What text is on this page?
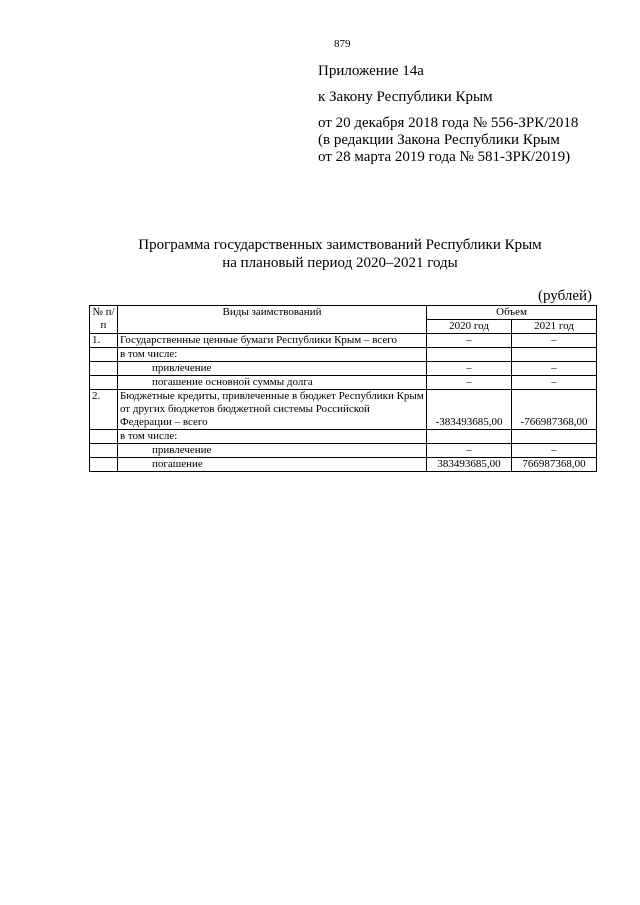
879
Приложение 14а
к Закону Республики Крым
от 20 декабря 2018 года № 556-ЗРК/2018
(в редакции Закона Республики Крым
от 28 марта 2019 года № 581-ЗРК/2019)
Программа государственных заимствований Республики Крым
на плановый период 2020–2021 годы
(рублей)
№ п/п	Виды заимствований	Объем	
		2020 год	2021 год
1.	Государственные ценные бумаги Республики Крым – всего	–	–
	в том числе:		
	привлечение	–	–
	погашение основной суммы долга	–	–
2.	Бюджетные кредиты, привлеченные в бюджет Республики Крым от других бюджетов бюджетной системы Российской Федерации – всего	-383493685,00	-766987368,00
	в том числе:		
	привлечение	–	–
	погашение	383493685,00	766987368,00
